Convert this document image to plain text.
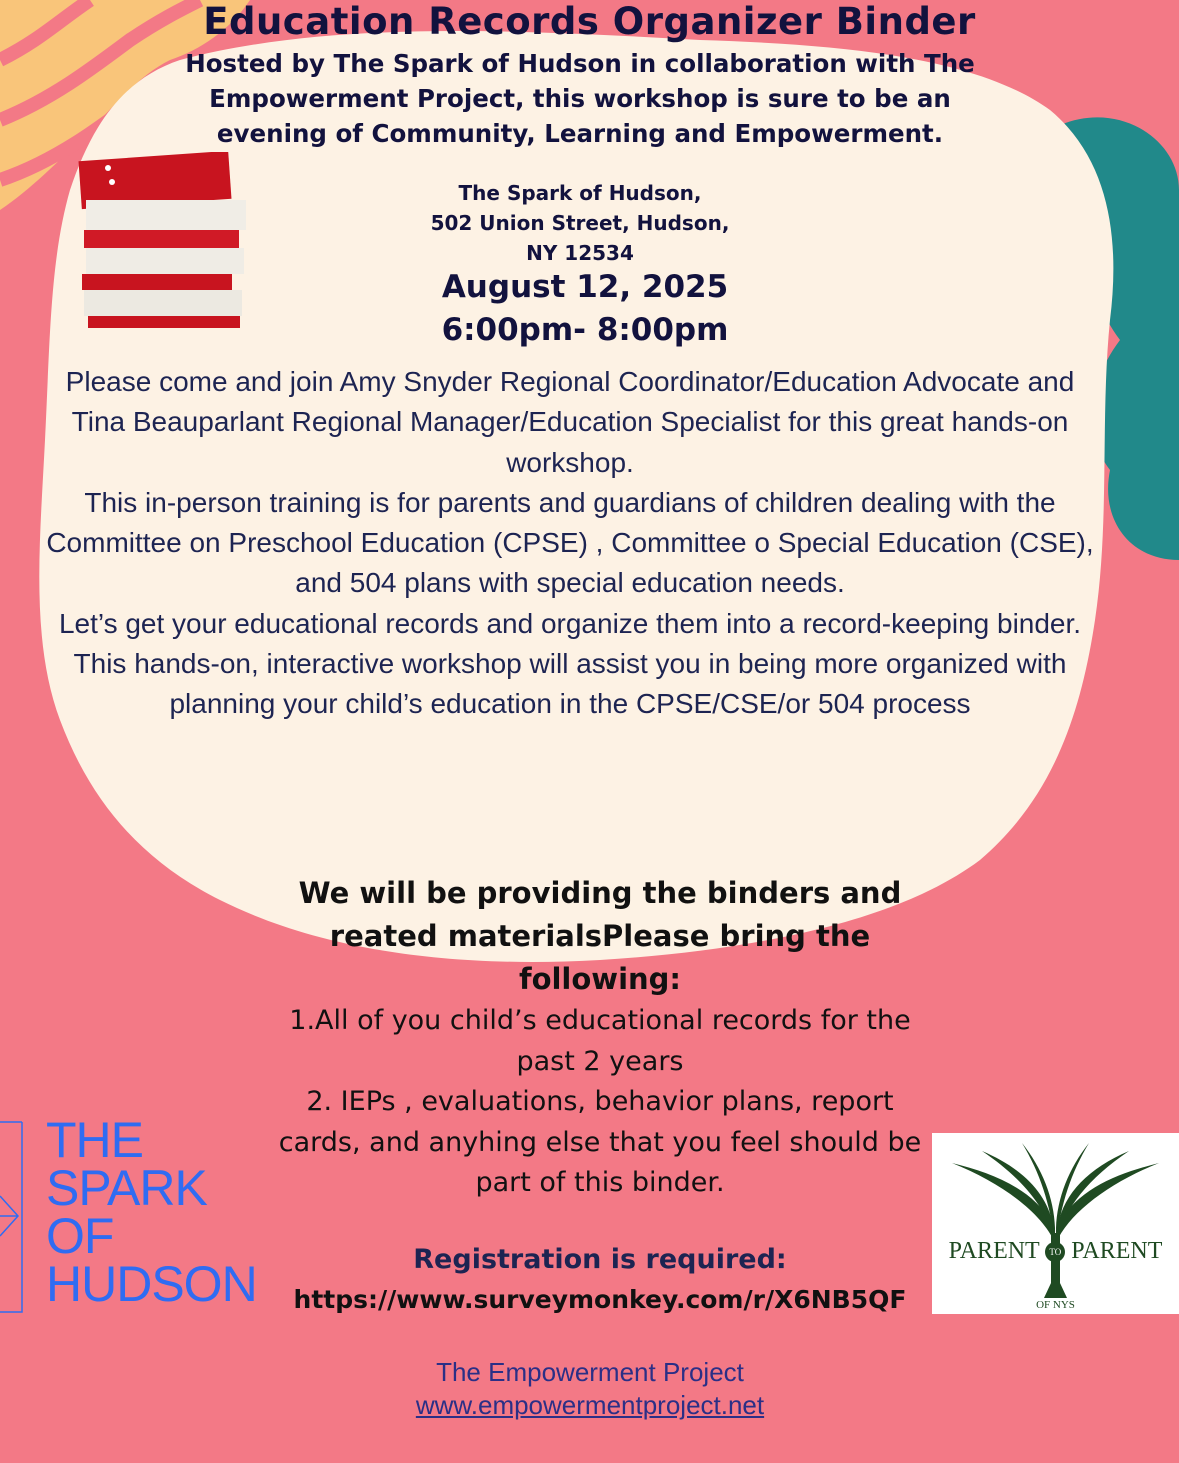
Education Records Organizer Binder
Hosted by The Spark of Hudson in collaboration with The Empowerment Project, this workshop is sure to be an evening of Community, Learning and Empowerment.
The Spark of Hudson,
502 Union Street, Hudson,
NY 12534
August 12, 2025
6:00pm- 8:00pm

Please come and join Amy Snyder Regional Coordinator/Education Advocate and Tina Beauparlant Regional Manager/Education Specialist for this great hands-on workshop.

This in-person training is for parents and guardians of children dealing with the Committee on Preschool Education (CPSE) , Committee o Special Education (CSE), and 504 plans with special education needs.

Let’s get your educational records and organize them into a record-keeping binder.

This hands-on, interactive workshop will assist you in being more organized with planning your child’s education in the CPSE/CSE/or 504 process

We will be providing the binders and reated materialsPlease bring the following:

1.All of you child’s educational records for the past 2 years

2. IEPs , evaluations, behavior plans, report cards, and anyhing else that you feel should be part of this binder.

Registration is required:
https://www.surveymonkey.com/r/X6NB5QF
THE
SPARK
OF
HUDSON
PARENT TO PARENT
OF NYS
The Empowerment Project
www.empowermentproject.net
